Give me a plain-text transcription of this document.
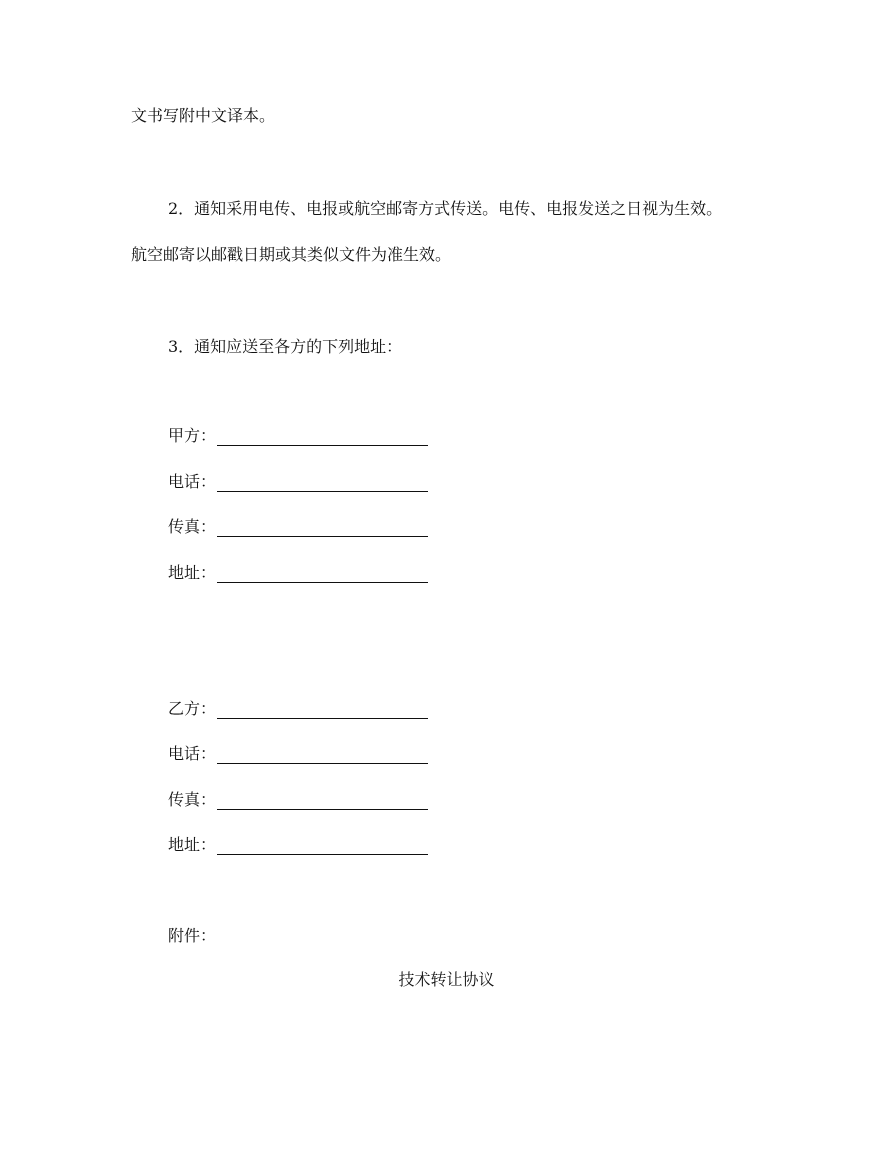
文书写附中文译本。
2．通知采用电传、电报或航空邮寄方式传送。电传、电报发送之日视为生效。
航空邮寄以邮戳日期或其类似文件为准生效。
3．通知应送至各方的下列地址：
甲方：
电话：
传真：
地址：
乙方：
电话：
传真：
地址：
附件：
技术转让协议
